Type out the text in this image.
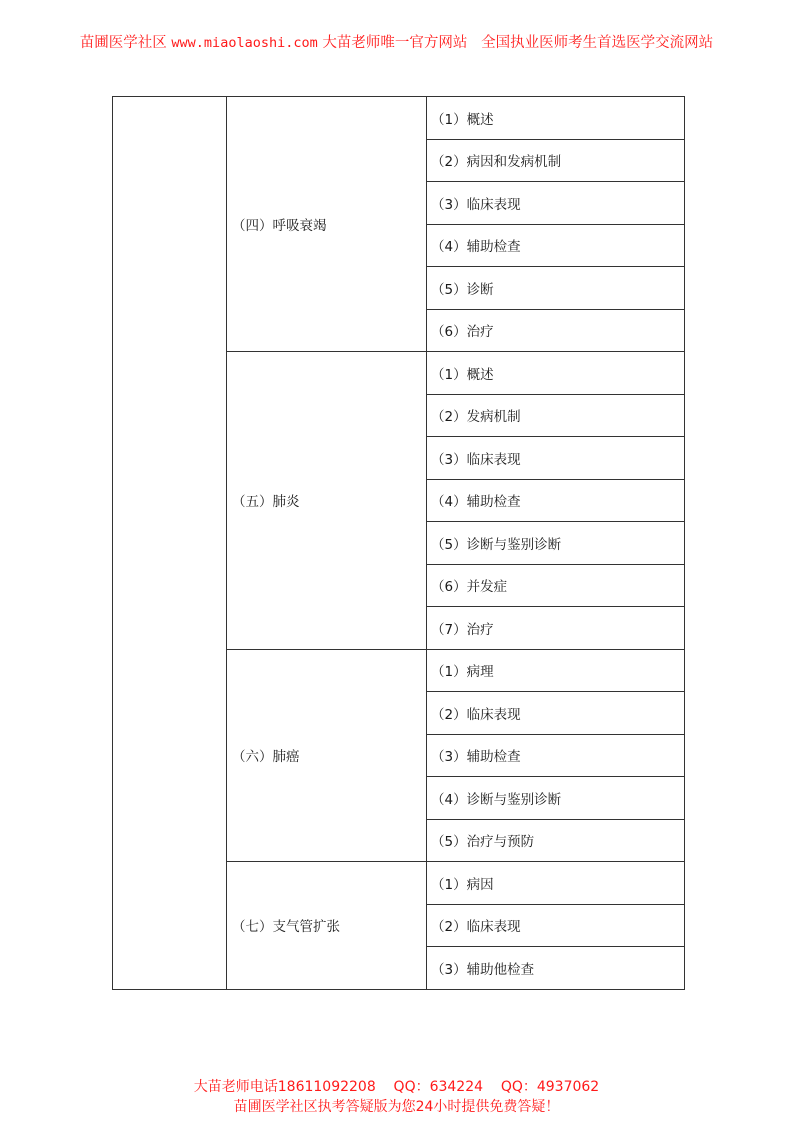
苗圃医学社区 www.miaolaoshi.com 大苗老师唯一官方网站 全国执业医师考生首选医学交流网站
	（四）呼吸衰竭	（1）概述
		（2）病因和发病机制
		（3）临床表现
		（4）辅助检查
		（5）诊断
		（6）治疗
	（五）肺炎	（1）概述
		（2）发病机制
		（3）临床表现
		（4）辅助检查
		（5）诊断与鉴别诊断
		（6）并发症
		（7）治疗
	（六）肺癌	（1）病理
		（2）临床表现
		（3）辅助检查
		（4）诊断与鉴别诊断
		（5）治疗与预防
	（七）支气管扩张	（1）病因
		（2）临床表现
		（3）辅助他检查
大苗老师电话18611092208    QQ：634224    QQ：4937062
苗圃医学社区执考答疑版为您24小时提供免费答疑！
